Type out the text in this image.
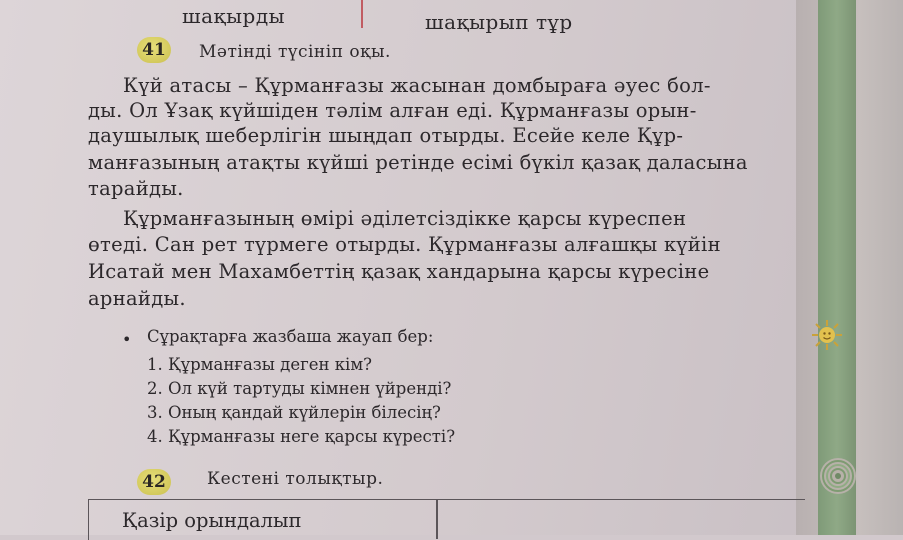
шақырды	шақырып тұр
41	Мәтінді түсініп оқы.
Күй атасы – Құрманғазы жасынан домбыраға әуес бол-
ды. Ол Ұзақ күйшіден тәлім алған еді. Құрманғазы орын-
даушылық шеберлігін шыңдап отырды. Есейе келе Құр-
манғазының атақты күйші ретінде есімі бүкіл қазақ даласына
тарайды.
Құрманғазының өмірі әділетсіздікке қарсы күреспен
өтеді. Сан рет түрмеге отырды. Құрманғазы алғашқы күйін
Исатай мен Махамбеттің қазақ хандарына қарсы күресіне
арнайды.
• Сұрақтарға жазбаша жауап бер:
1. Құрманғазы деген кім?
2. Ол күй тартуды кімнен үйренді?
3. Оның қандай күйлерін білесің?
4. Құрманғазы неге қарсы күресті?
42	Кестені толықтыр.
Қазір орындалып
